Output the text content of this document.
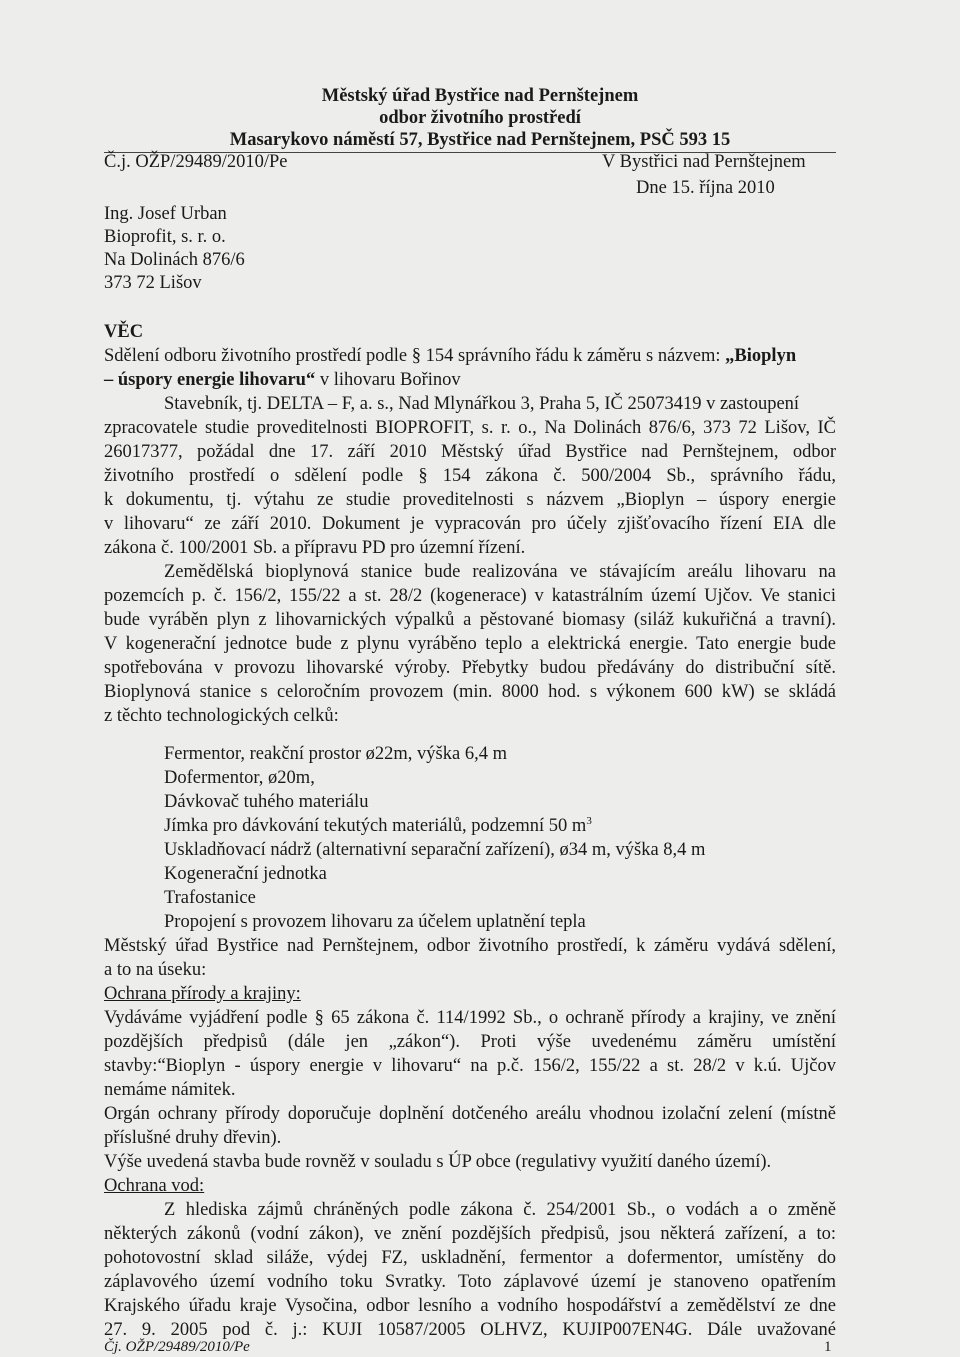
Městský úřad Bystřice nad Pernštejnem
odbor životního prostředí
Masarykovo náměstí 57, Bystřice nad Pernštejnem, PSČ 593 15
Č.j. OŽP/29489/2010/Pe	V Bystřici nad Pernštejnem
Dne 15. října 2010
Ing. Josef Urban
Bioprofit, s. r. o.
Na Dolinách 876/6
373 72 Lišov
VĚC
Sdělení odboru životního prostředí podle § 154 správního řádu k záměru s názvem: „Bioplyn
– úspory energie lihovaru“ v lihovaru Bořinov
Stavebník, tj. DELTA – F, a. s., Nad Mlynářkou 3, Praha 5, IČ 25073419 v zastoupení
zpracovatele studie proveditelnosti BIOPROFIT, s. r. o., Na Dolinách 876/6, 373 72 Lišov, IČ
26017377, požádal dne 17. září 2010 Městský úřad Bystřice nad Pernštejnem, odbor
životního prostředí o sdělení podle § 154 zákona č. 500/2004 Sb., správního řádu,
k dokumentu, tj. výtahu ze studie proveditelnosti s názvem „Bioplyn – úspory energie
v lihovaru“ ze září 2010. Dokument je vypracován pro účely zjišťovacího řízení EIA dle
zákona č. 100/2001 Sb. a přípravu PD pro územní řízení.
Zemědělská bioplynová stanice bude realizována ve stávajícím areálu lihovaru na
pozemcích p. č. 156/2, 155/22 a st. 28/2 (kogenerace) v katastrálním území Ujčov. Ve stanici
bude vyráběn plyn z lihovarnických výpalků a pěstované biomasy (siláž kukuřičná a travní).
V kogenerační jednotce bude z plynu vyráběno teplo a elektrická energie. Tato energie bude
spotřebována v provozu lihovarské výroby. Přebytky budou předávány do distribuční sítě.
Bioplynová stanice s celoročním provozem (min. 8000 hod. s výkonem 600 kW) se skládá
z těchto technologických celků:
Fermentor, reakční prostor ø22m, výška 6,4 m
Dofermentor, ø20m,
Dávkovač tuhého materiálu
Jímka pro dávkování tekutých materiálů, podzemní 50 $m^3$
Uskladňovací nádrž (alternativní separační zařízení), ø34 m, výška 8,4 m
Kogenerační jednotka
Trafostanice
Propojení s provozem lihovaru za účelem uplatnění tepla
Městský úřad Bystřice nad Pernštejnem, odbor životního prostředí, k záměru vydává sdělení,
a to na úseku:
Ochrana přírody a krajiny:
Vydáváme vyjádření podle § 65 zákona č. 114/1992 Sb., o ochraně přírody a krajiny, ve znění
pozdějších předpisů (dále jen „zákon“). Proti výše uvedenému záměru umístění
stavby:“Bioplyn - úspory energie v lihovaru“ na p.č. 156/2, 155/22 a st. 28/2 v k.ú. Ujčov
nemáme námitek.
Orgán ochrany přírody doporučuje doplnění dotčeného areálu vhodnou izolační zelení (místně
příslušné druhy dřevin).
Výše uvedená stavba bude rovněž v souladu s ÚP obce (regulativy využití daného území).
Ochrana vod:
Z hlediska zájmů chráněných podle zákona č. 254/2001 Sb., o vodách a o změně
některých zákonů (vodní zákon), ve znění pozdějších předpisů, jsou některá zařízení, a to:
pohotovostní sklad siláže, výdej FZ, uskladnění, fermentor a dofermentor, umístěny do
záplavového území vodního toku Svratky. Toto záplavové území je stanoveno opatřením
Krajského úřadu kraje Vysočina, odbor lesního a vodního hospodářství a zemědělství ze dne
27. 9. 2005 pod č. j.: KUJI 10587/2005 OLHVZ, KUJIP007EN4G. Dále uvažované
Čj. OŽP/29489/2010/Pe	1
